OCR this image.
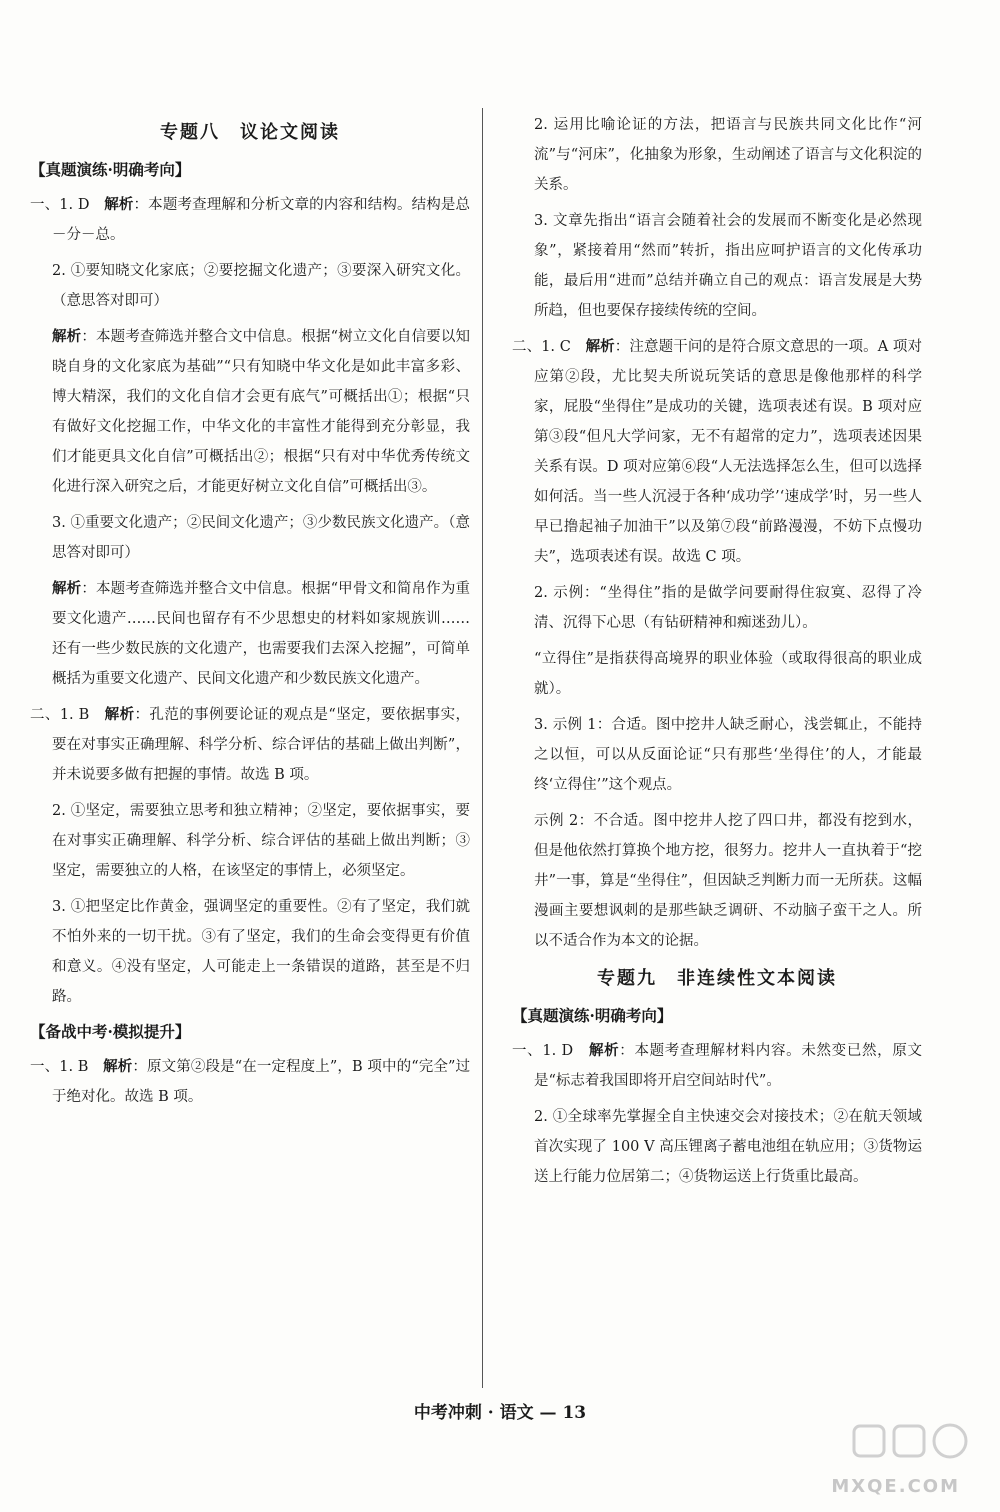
专题八　议论文阅读
【真题演练·明确考向】

一、1. D　 解析：本题考查理解和分析文章的内容和结构。结构是总－分－总。

2. ①要知晓文化家底；②要挖掘文化遗产；③要深入研究文化。（意思答对即可）

解析：本题考查筛选并整合文中信息。根据“树立文化自信要以知晓自身的文化家底为基础”“只有知晓中华文化是如此丰富多彩、博大精深，我们的文化自信才会更有底气”可概括出①；根据“只有做好文化挖掘工作，中华文化的丰富性才能得到充分彰显，我们才能更具文化自信”可概括出②；根据“只有对中华优秀传统文化进行深入研究之后，才能更好树立文化自信”可概括出③。

3. ①重要文化遗产；②民间文化遗产；③少数民族文化遗产。（意思答对即可）

解析：本题考查筛选并整合文中信息。根据“甲骨文和简帛作为重要文化遗产……民间也留存有不少思想史的材料如家规族训……还有一些少数民族的文化遗产，也需要我们去深入挖掘”，可简单概括为重要文化遗产、民间文化遗产和少数民族文化遗产。

二、1. B　 解析：孔范的事例要论证的观点是“坚定，要依据事实，要在对事实正确理解、科学分析、综合评估的基础上做出判断”，并未说要多做有把握的事情。故选 B 项。

2. ①坚定，需要独立思考和独立精神；②坚定，要依据事实，要在对事实正确理解、科学分析、综合评估的基础上做出判断；③坚定，需要独立的人格，在该坚定的事情上，必须坚定。

3. ①把坚定比作黄金，强调坚定的重要性。②有了坚定，我们就不怕外来的一切干扰。③有了坚定，我们的生命会变得更有价值和意义。④没有坚定，人可能走上一条错误的道路，甚至是不归路。

【备战中考·模拟提升】

一、1. B　 解析：原文第②段是“在一定程度上”，B 项中的“完全”过于绝对化。故选 B 项。

2. 运用比喻论证的方法，把语言与民族共同文化比作“河流”与“河床”，化抽象为形象，生动阐述了语言与文化积淀的关系。

3. 文章先指出“语言会随着社会的发展而不断变化是必然现象”，紧接着用“然而”转折，指出应呵护语言的文化传承功能，最后用“进而”总结并确立自己的观点：语言发展是大势所趋，但也要保存接续传统的空间。

二、1. C　 解析：注意题干问的是符合原文意思的一项。A 项对应第②段，尤比契夫所说玩笑话的意思是像他那样的科学家，屁股“坐得住”是成功的关键，选项表述有误。B 项对应第③段“但凡大学问家，无不有超常的定力”，选项表述因果关系有误。D 项对应第⑥段“人无法选择怎么生，但可以选择如何活。当一些人沉浸于各种‘成功学’‘速成学’时，另一些人早已撸起袖子加油干”以及第⑦段“前路漫漫，不妨下点慢功夫”，选项表述有误。故选 C 项。

2. 示例：“坐得住”指的是做学问要耐得住寂寞、忍得了冷清、沉得下心思（有钻研精神和痴迷劲儿）。

“立得住”是指获得高境界的职业体验（或取得很高的职业成就）。

3. 示例 1：合适。图中挖井人缺乏耐心，浅尝辄止，不能持之以恒，可以从反面论证“只有那些‘坐得住’的人，才能最终‘立得住’”这个观点。

示例 2：不合适。图中挖井人挖了四口井，都没有挖到水，但是他依然打算换个地方挖，很努力。挖井人一直执着于“挖井”一事，算是“坐得住”，但因缺乏判断力而一无所获。这幅漫画主要想讽刺的是那些缺乏调研、不动脑子蛮干之人。所以不适合作为本文的论据。

专题九　非连续性文本阅读
【真题演练·明确考向】

一、1. D　 解析：本题考查理解材料内容。未然变已然，原文是“标志着我国即将开启空间站时代”。

2. ①全球率先掌握全自主快速交会对接技术；②在航天领域首次实现了 100 V 高压锂离子蓄电池组在轨应用；③货物运送上行能力位居第二；④货物运送上行货重比最高。

中考冲刺 · 语文 — 13
MXQE.COM
